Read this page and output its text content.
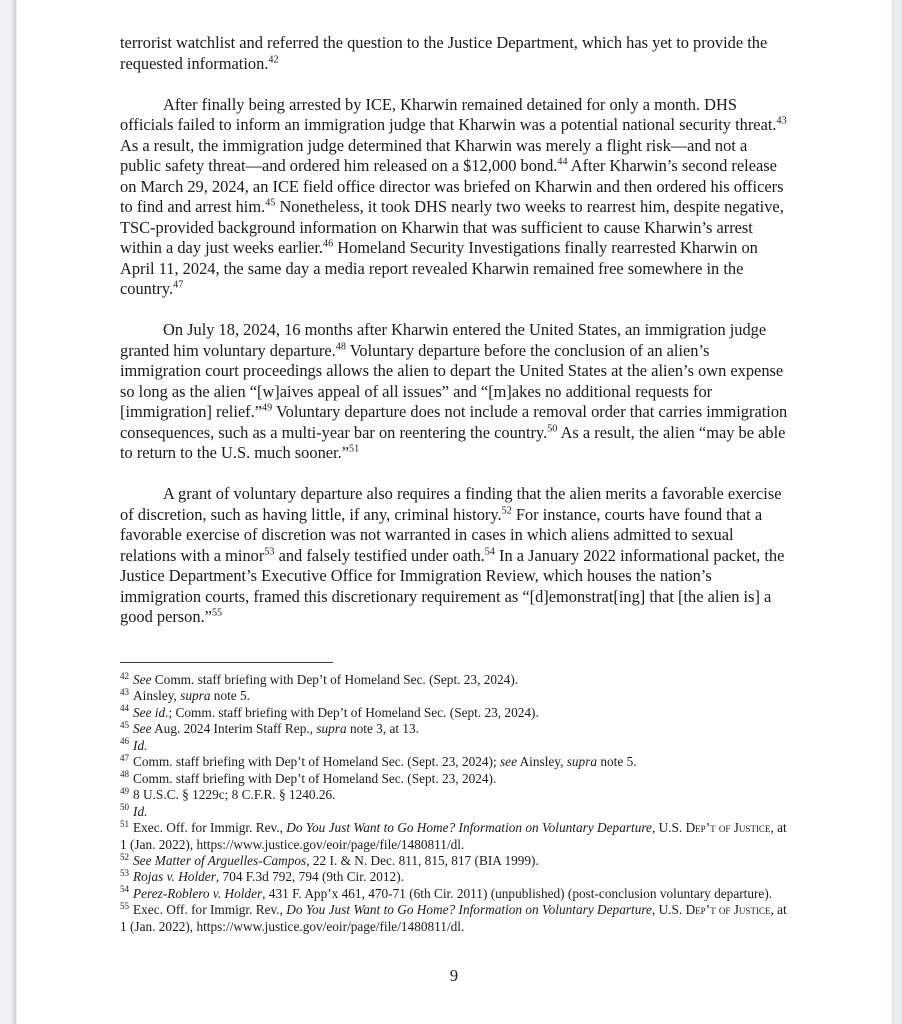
terrorist watchlist and referred the question to the Justice Department, which has yet to provide the requested information.$^{42}$

After finally being arrested by ICE, Kharwin remained detained for only a month. DHS officials failed to inform an immigration judge that Kharwin was a potential national security threat.$^{43}$ As a result, the immigration judge determined that Kharwin was merely a flight risk—and not a public safety threat—and ordered him released on a $12,000 bond.$^{44}$ After Kharwin’s second release on March 29, 2024, an ICE field office director was briefed on Kharwin and then ordered his officers to find and arrest him.$^{45}$ Nonetheless, it took DHS nearly two weeks to rearrest him, despite negative, TSC-provided background information on Kharwin that was sufficient to cause Kharwin’s arrest within a day just weeks earlier.$^{46}$ Homeland Security Investigations finally rearrested Kharwin on April 11, 2024, the same day a media report revealed Kharwin remained free somewhere in the country.$^{47}$

On July 18, 2024, 16 months after Kharwin entered the United States, an immigration judge granted him voluntary departure.$^{48}$ Voluntary departure before the conclusion of an alien’s immigration court proceedings allows the alien to depart the United States at the alien’s own expense so long as the alien “[w]aives appeal of all issues” and “[m]akes no additional requests for [immigration] relief.”$^{49}$ Voluntary departure does not include a removal order that carries immigration consequences, such as a multi-year bar on reentering the country.$^{50}$ As a result, the alien “may be able to return to the U.S. much sooner.”$^{51}$

A grant of voluntary departure also requires a finding that the alien merits a favorable exercise of discretion, such as having little, if any, criminal history.$^{52}$ For instance, courts have found that a favorable exercise of discretion was not warranted in cases in which aliens admitted to sexual relations with a minor$^{53}$ and falsely testified under oath.$^{54}$ In a January 2022 informational packet, the Justice Department’s Executive Office for Immigration Review, which houses the nation’s immigration courts, framed this discretionary requirement as “[d]emonstrat[ing] that [the alien is] a good person.”$^{55}$

$^{42}$ See Comm. staff briefing with Dep’t of Homeland Sec. (Sept. 23, 2024).
$^{43}$ Ainsley, supra note 5.
$^{44}$ See id.; Comm. staff briefing with Dep’t of Homeland Sec. (Sept. 23, 2024).
$^{45}$ See Aug. 2024 Interim Staff Rep., supra note 3, at 13.
$^{46}$ Id.
$^{47}$ Comm. staff briefing with Dep’t of Homeland Sec. (Sept. 23, 2024); see Ainsley, supra note 5.
$^{48}$ Comm. staff briefing with Dep’t of Homeland Sec. (Sept. 23, 2024).
$^{49}$ 8 U.S.C. § 1229c; 8 C.F.R. § 1240.26.
$^{50}$ Id.
$^{51}$ Exec. Off. for Immigr. Rev., Do You Just Want to Go Home? Information on Voluntary Departure, U.S. Dep’t of Justice, at 1 (Jan. 2022), https://www.justice.gov/eoir/page/file/1480811/dl.
$^{52}$ See Matter of Arguelles-Campos, 22 I. & N. Dec. 811, 815, 817 (BIA 1999).
$^{53}$ Rojas v. Holder, 704 F.3d 792, 794 (9th Cir. 2012).
$^{54}$ Perez-Roblero v. Holder, 431 F. App’x 461, 470-71 (6th Cir. 2011) (unpublished) (post-conclusion voluntary departure).
$^{55}$ Exec. Off. for Immigr. Rev., Do You Just Want to Go Home? Information on Voluntary Departure, U.S. Dep’t of Justice, at 1 (Jan. 2022), https://www.justice.gov/eoir/page/file/1480811/dl.
9
